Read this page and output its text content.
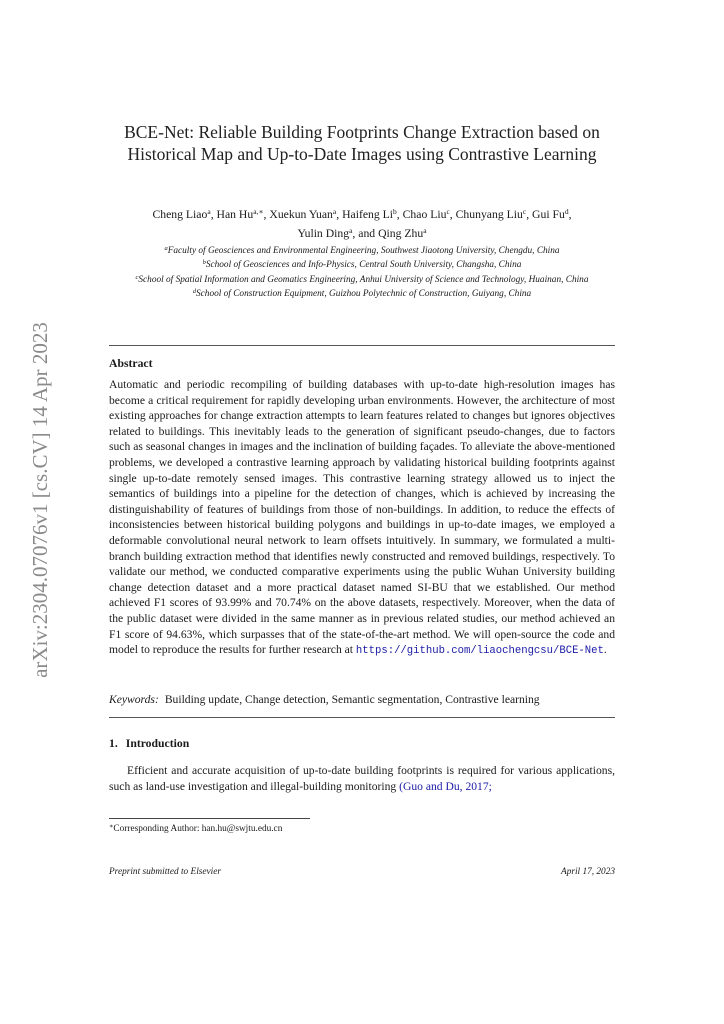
arXiv:2304.07076v1 [cs.CV] 14 Apr 2023
BCE-Net: Reliable Building Footprints Change Extraction based on Historical Map and Up-to-Date Images using Contrastive Learning
Cheng Liao$^a$, Han $Hu^{a,∗}$, Xuekun Yuan$^a$, Haifeng Li$^b$, Chao Liu$^c$, Chunyang Liu$^c$, Gui Fu$^d$,
Yulin Ding$^a$, and Qing Zhu$^a$
$^a$Faculty of Geosciences and Environmental Engineering, Southwest Jiaotong University, Chengdu, China
$^b$School of Geosciences and Info-Physics, Central South University, Changsha, China
$^c$School of Spatial Information and Geomatics Engineering, Anhui University of Science and Technology, Huainan, China
$^d$School of Construction Equipment, Guizhou Polytechnic of Construction, Guiyang, China
Abstract
Automatic and periodic recompiling of building databases with up-to-date high-resolution images has become a critical requirement for rapidly developing urban environments. However, the architecture of most existing approaches for change extraction attempts to learn features related to changes but ignores objectives related to buildings. This inevitably leads to the generation of significant pseudo-changes, due to factors such as seasonal changes in images and the inclination of building façades. To alleviate the above-mentioned problems, we developed a contrastive learning approach by validating historical building footprints against single up-to-date remotely sensed images. This contrastive learning strategy allowed us to inject the semantics of buildings into a pipeline for the detection of changes, which is achieved by increasing the distinguishability of features of buildings from those of non-buildings. In addition, to reduce the effects of inconsistencies between historical building polygons and buildings in up-to-date images, we employed a deformable convolutional neural network to learn offsets intuitively. In summary, we formulated a multi-branch building extraction method that identifies newly constructed and removed buildings, respectively. To validate our method, we conducted comparative experiments using the public Wuhan University building change detection dataset and a more practical dataset named SI-BU that we established. Our method achieved F1 scores of 93.99% and 70.74% on the above datasets, respectively. Moreover, when the data of the public dataset were divided in the same manner as in previous related studies, our method achieved an F1 score of 94.63%, which surpasses that of the state-of-the-art method. We will open-source the code and model to reproduce the results for further research at https://github.com/liaochengcsu/BCE-Net.
Keywords: Building update, Change detection, Semantic segmentation, Contrastive learning
1. Introduction
Efficient and accurate acquisition of up-to-date building footprints is required for various applications, such as land-use investigation and illegal-building monitoring (Guo and Du, 2017;
∗Corresponding Author: han.hu@swjtu.edu.cn
Preprint submitted to Elsevier	April 17, 2023
